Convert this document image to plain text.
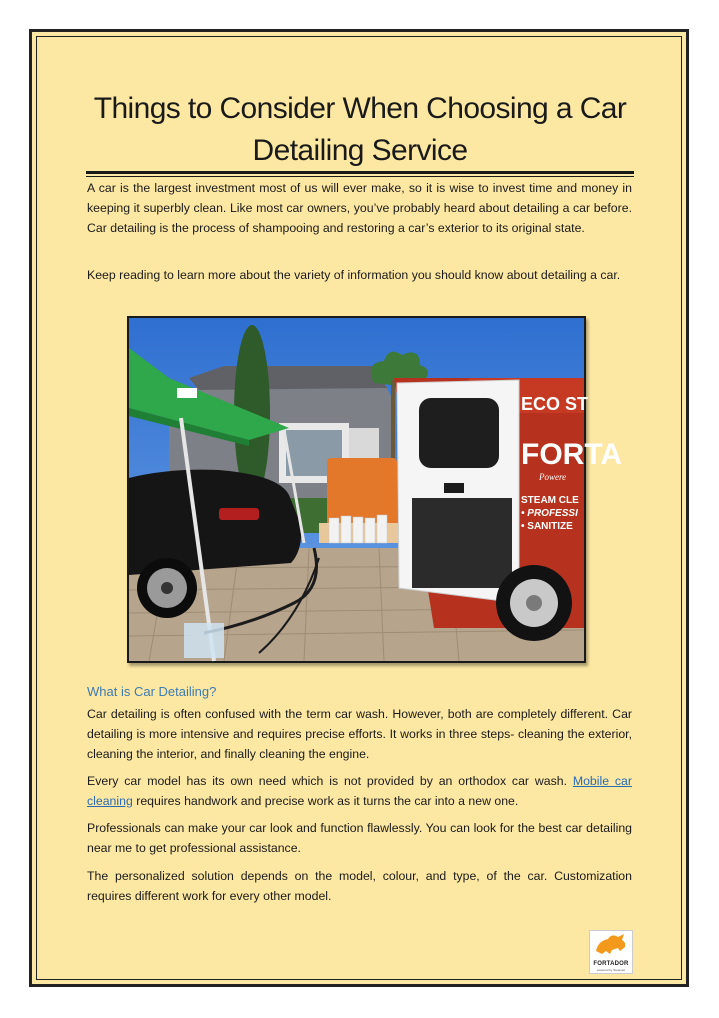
Things to Consider When Choosing a Car
Detailing Service

A car is the largest investment most of us will ever make, so it is wise to invest time and money in keeping it superbly clean. Like most car owners, you’ve probably heard about detailing a car before. Car detailing is the process of shampooing and restoring a car’s exterior to its original state.

Keep reading to learn more about the variety of information you should know about detailing a car.

ECO ST
FORTA
Powere
STEAM CLE
• PROFESSI
• SANITIZE
What is Car Detailing?

Car detailing is often confused with the term car wash. However, both are completely different. Car detailing is more intensive and requires precise efforts. It works in three steps- cleaning the exterior, cleaning the interior, and finally cleaning the engine.

Every car model has its own need which is not provided by an orthodox car wash. Mobile car cleaning requires handwork and precise work as it turns the car into a new one.

Professionals can make your car look and function flawlessly. You can look for the best car detailing near me to get professional assistance.

The personalized solution depends on the model, colour, and type, of the car. Customization requires different work for every other model.

FORTADOR
powered by Steamjet
